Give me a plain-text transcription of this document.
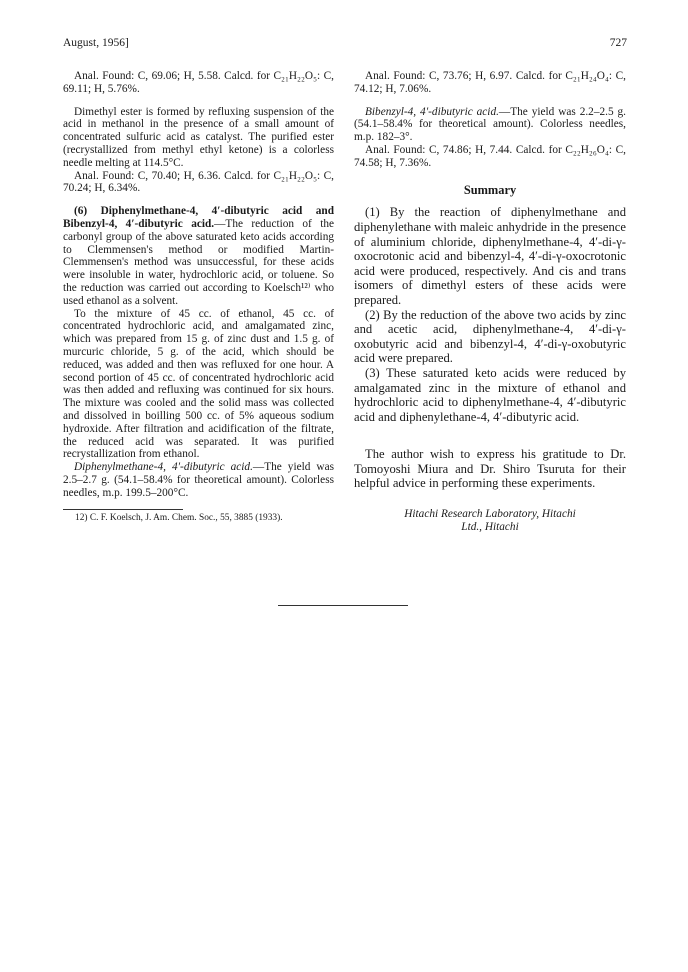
August, 1956]	727

Anal. Found: C, 69.06; H, 5.58. Calcd. for C₂₁H₂₂O₅: C, 69.11; H, 5.76%.

Dimethyl ester is formed by refluxing suspension of the acid in methanol in the presence of a small amount of concentrated sulfuric acid as catalyst. The purified ester (recrystallized from methyl ethyl ketone) is a colorless needle melting at 114.5°C.

Anal. Found: C, 70.40; H, 6.36. Calcd. for C₂₁H₂₂O₅: C, 70.24; H, 6.34%.

(6) Diphenylmethane-4, 4′-dibutyric acid and Bibenzyl-4, 4′-dibutyric acid.—The reduction of the carbonyl group of the above saturated keto acids according to Clemmensen's method or modified Martin-Clemmensen's method was unsuccessful, for these acids were insoluble in water, hydrochloric acid, or toluene. So the reduction was carried out according to Koelsch¹²⁾ who used ethanol as a solvent.

To the mixture of 45 cc. of ethanol, 45 cc. of concentrated hydrochloric acid, and amalgamated zinc, which was prepared from 15 g. of zinc dust and 1.5 g. of murcuric chloride, 5 g. of the acid, which should be reduced, was added and then was refluxed for one hour. A second portion of 45 cc. of concentrated hydrochloric acid was then added and refluxing was continued for six hours. The mixture was cooled and the solid mass was collected and dissolved in boilling 500 cc. of 5% aqueous sodium hydroxide. After filtration and acidification of the filtrate, the reduced acid was separated. It was purified recrystallization from ethanol.

Diphenylmethane-4, 4′-dibutyric acid.—The yield was 2.5–2.7 g. (54.1–58.4% for theoretical amount). Colorless needles, m.p. 199.5–200°C.

12) C. F. Koelsch, J. Am. Chem. Soc., 55, 3885 (1933).

Anal. Found: C, 73.76; H, 6.97. Calcd. for C₂₁H₂₄O₄: C, 74.12; H, 7.06%.

Bibenzyl-4, 4′-dibutyric acid.—The yield was 2.2–2.5 g. (54.1–58.4% for theoretical amount). Colorless needles, m.p. 182–3°.

Anal. Found: C, 74.86; H, 7.44. Calcd. for C₂₂H₂₆O₄: C, 74.58; H, 7.36%.

Summary

(1) By the reaction of diphenylmethane and diphenylethane with maleic anhydride in the presence of aluminium chloride, diphenylmethane-4, 4′-di-γ-oxocrotonic acid and bibenzyl-4, 4′-di-γ-oxocrotonic acid were produced, respectively. And cis and trans isomers of dimethyl esters of these acids were prepared.

(2) By the reduction of the above two acids by zinc and acetic acid, diphenylmethane-4, 4′-di-γ-oxobutyric acid and bibenzyl-4, 4′-di-γ-oxobutyric acid were prepared.

(3) These saturated keto acids were reduced by amalgamated zinc in the mixture of ethanol and hydrochloric acid to diphenylmethane-4, 4′-dibutyric acid and diphenylethane-4, 4′-dibutyric acid.

The author wish to express his gratitude to Dr. Tomoyoshi Miura and Dr. Shiro Tsuruta for their helpful advice in performing these experiments.

Hitachi Research Laboratory, Hitachi
Ltd., Hitachi
